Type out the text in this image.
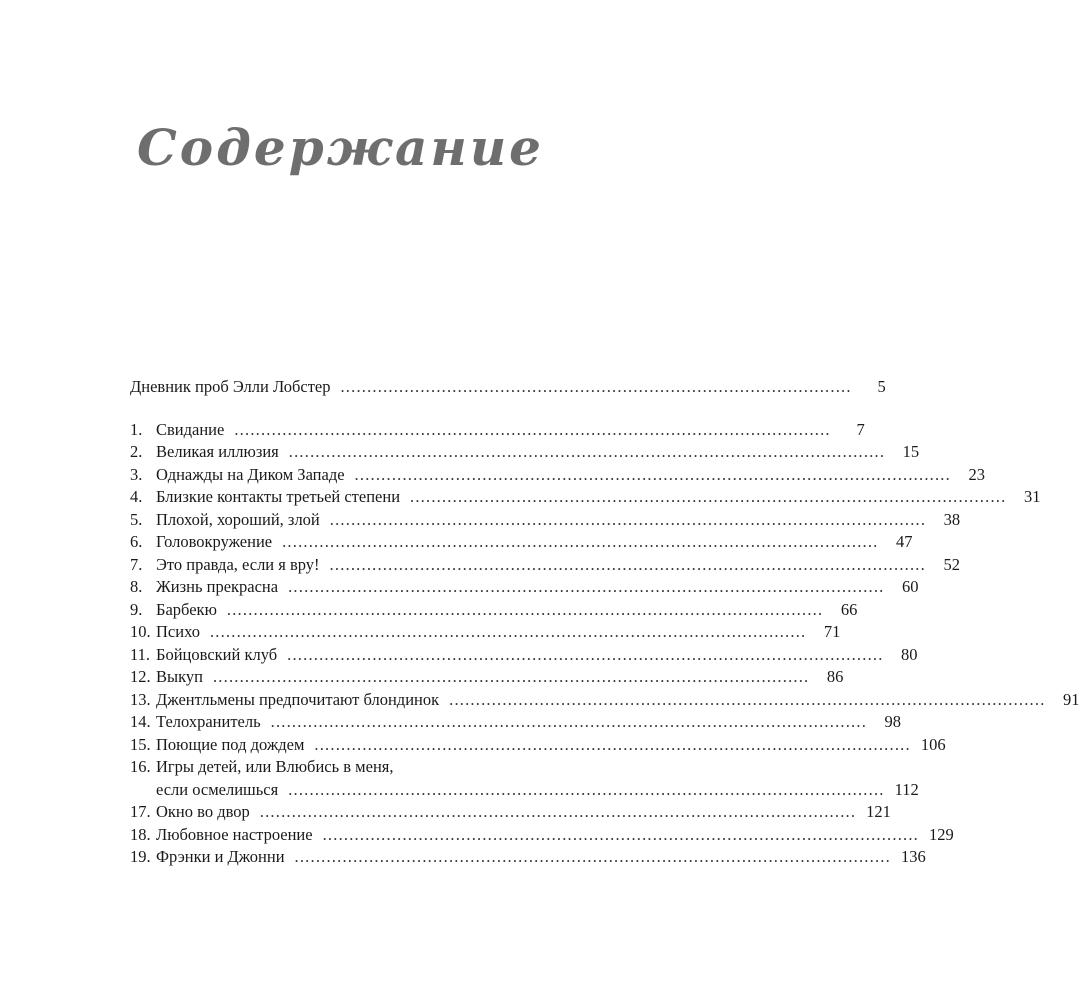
Содержание
Дневник проб Элли Лобстер ................................................................................................	5
1. Свидание ................................................................................................................	7
2. Великая иллюзия ................................................................................................................	15
3. Однажды на Диком Западе ................................................................................................................	23
4. Близкие контакты третьей степени ................................................................................................................	31
5. Плохой, хороший, злой ................................................................................................................	38
6. Головокружение ................................................................................................................	47
7. Это правда, если я вру! ................................................................................................................	52
8. Жизнь прекрасна ................................................................................................................	60
9. Барбекю ................................................................................................................	66
10. Психо ................................................................................................................	71
11. Бойцовский клуб ................................................................................................................	80
12. Выкуп ................................................................................................................	86
13. Джентльмены предпочитают блондинок ................................................................................................................	91
14. Телохранитель ................................................................................................................	98
15. Поющие под дождем ................................................................................................................ 106
16. Игры детей, или Влюбись в меня,
если осмелишься ................................................................................................................ 112
17. Окно во двор ................................................................................................................ 121
18. Любовное настроение ................................................................................................................ 129
19. Фрэнки и Джонни ................................................................................................................ 136
